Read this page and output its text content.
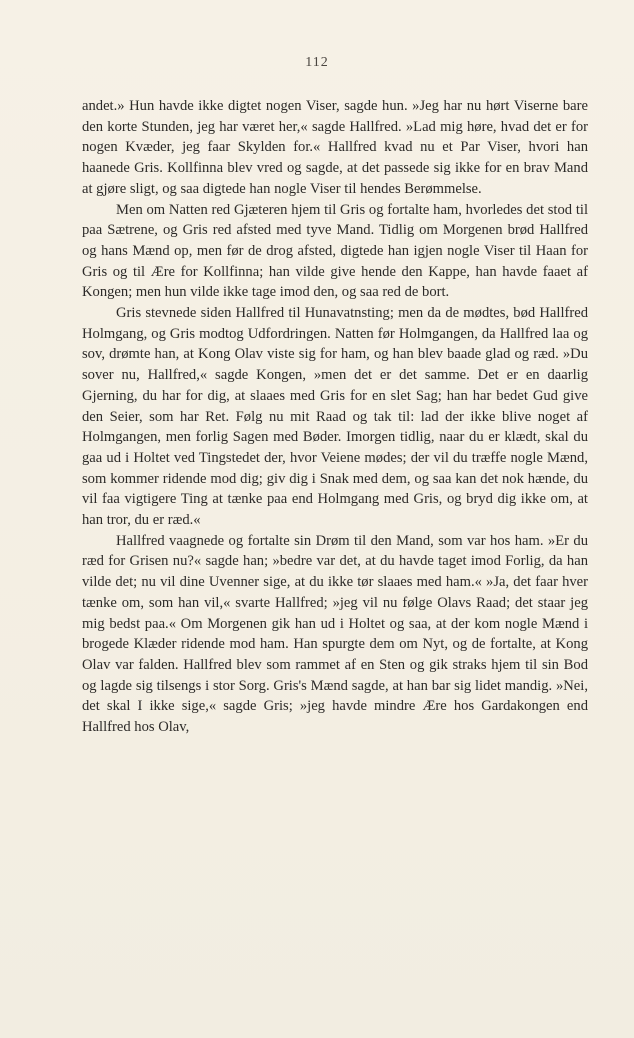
112

andet.» Hun havde ikke digtet nogen Viser, sagde hun. »Jeg har nu hørt Viserne bare den korte Stunden, jeg har været her,« sagde Hallfred. »Lad mig høre, hvad det er for nogen Kvæder, jeg faar Skylden for.« Hallfred kvad nu et Par Viser, hvori han haanede Gris. Kollfinna blev vred og sagde, at det passede sig ikke for en brav Mand at gjøre sligt, og saa digtede han nogle Viser til hendes Berømmelse.

Men om Natten red Gjæteren hjem til Gris og fortalte ham, hvorledes det stod til paa Sætrene, og Gris red afsted med tyve Mand. Tidlig om Morgenen brød Hallfred og hans Mænd op, men før de drog afsted, digtede han igjen nogle Viser til Haan for Gris og til Ære for Kollfinna; han vilde give hende den Kappe, han havde faaet af Kongen; men hun vilde ikke tage imod den, og saa red de bort.

Gris stevnede siden Hallfred til Hunavatnsting; men da de mødtes, bød Hallfred Holmgang, og Gris modtog Udfordringen. Natten før Holmgangen, da Hallfred laa og sov, drømte han, at Kong Olav viste sig for ham, og han blev baade glad og ræd. »Du sover nu, Hallfred,« sagde Kongen, »men det er det samme. Det er en daarlig Gjerning, du har for dig, at slaaes med Gris for en slet Sag; han har bedet Gud give den Seier, som har Ret. Følg nu mit Raad og tak til: lad der ikke blive noget af Holmgangen, men forlig Sagen med Bøder. Imorgen tidlig, naar du er klædt, skal du gaa ud i Holtet ved Tingstedet der, hvor Veiene mødes; der vil du træffe nogle Mænd, som kommer ridende mod dig; giv dig i Snak med dem, og saa kan det nok hænde, du vil faa vigtigere Ting at tænke paa end Holmgang med Gris, og bryd dig ikke om, at han tror, du er ræd.«

Hallfred vaagnede og fortalte sin Drøm til den Mand, som var hos ham. »Er du ræd for Grisen nu?« sagde han; »bedre var det, at du havde taget imod Forlig, da han vilde det; nu vil dine Uvenner sige, at du ikke tør slaaes med ham.« »Ja, det faar hver tænke om, som han vil,« svarte Hallfred; »jeg vil nu følge Olavs Raad; det staar jeg mig bedst paa.« Om Morgenen gik han ud i Holtet og saa, at der kom nogle Mænd i brogede Klæder ridende mod ham. Han spurgte dem om Nyt, og de fortalte, at Kong Olav var falden. Hallfred blev som rammet af en Sten og gik straks hjem til sin Bod og lagde sig tilsengs i stor Sorg. Gris's Mænd sagde, at han bar sig lidet mandig. »Nei, det skal I ikke sige,« sagde Gris; »jeg havde mindre Ære hos Gardakongen end Hallfred hos Olav,
